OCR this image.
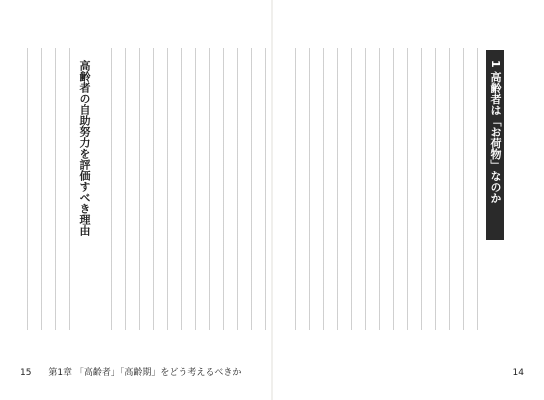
1 高齢者は「お荷物」なのか
14
高齢者の自助努力を評価すべき理由
15 第1章 「高齢者」「高齢期」をどう考えるべきか
